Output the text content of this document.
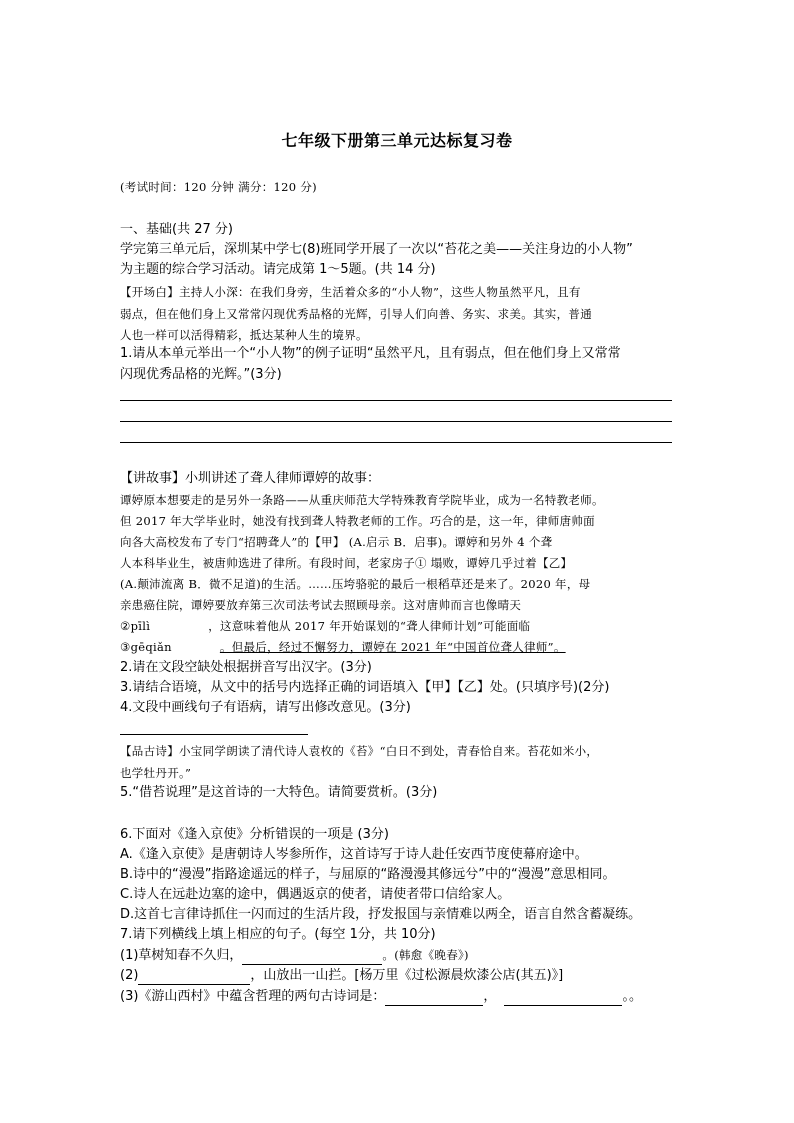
七年级下册第三单元达标复习卷
(考试时间：120 分钟 满分：120 分)
一、基础(共 27 分)
学完第三单元后，深圳某中学七(8)班同学开展了一次以“苔花之美——关注身边的小人物”
为主题的综合学习活动。请完成第 1～5题。(共 14 分)
【开场白】主持人小深：在我们身旁，生活着众多的“小人物”，这些人物虽然平凡，且有
弱点，但在他们身上又常常闪现优秀品格的光辉，引导人们向善、务实、求美。其实，普通
人也一样可以活得精彩，抵达某种人生的境界。
1.请从本单元举出一个“小人物”的例子证明“虽然平凡，且有弱点，但在他们身上又常常
闪现优秀品格的光辉。”(3分)
【讲故事】小圳讲述了聋人律师谭婷的故事：
谭婷原本想要走的是另外一条路——从重庆师范大学特殊教育学院毕业，成为一名特教老师。
但 2017 年大学毕业时，她没有找到聋人特教老师的工作。巧合的是，这一年，律师唐帅面
向各大高校发布了专门“招聘聋人”的【甲】 (A.启示 B．启事)。谭婷和另外 4 个聋
人本科毕业生，被唐帅选进了律所。有段时间，老家房子① 塌败，谭婷几乎过着【乙】
(A.颠沛流离 B．微不足道)的生活。……压垮骆驼的最后一根稻草还是来了。2020 年，母
亲患癌住院，谭婷要放弃第三次司法考试去照顾母亲。这对唐帅而言也像晴天
②pīlì	，这意味着他从 2017 年开始谋划的“聋人律师计划”可能面临
③gēqiǎn	。但最后，经过不懈努力，谭婷在 2021 年“中国首位聋人律师”。
2.请在文段空缺处根据拼音写出汉字。(3分)
3.请结合语境，从文中的括号内选择正确的词语填入【甲】【乙】处。(只填序号)(2分)
4.文段中画线句子有语病，请写出修改意见。(3分)
【品古诗】小宝同学朗读了清代诗人袁枚的《苔》“白日不到处，青春恰自来。苔花如米小，
也学牡丹开。”
5.“借苔说理”是这首诗的一大特色。请简要赏析。(3分)
6.下面对《逢入京使》分析错误的一项是 (3分)
A.《逢入京使》是唐朝诗人岑参所作，这首诗写于诗人赴任安西节度使幕府途中。
B.诗中的“漫漫”指路途遥远的样子，与屈原的“路漫漫其修远兮”中的“漫漫”意思相同。
C.诗人在远赴边塞的途中，偶遇返京的使者，请使者带口信给家人。
D.这首七言律诗抓住一闪而过的生活片段，抒发报国与亲情难以两全，语言自然含蓄凝练。
7.请下列横线上填上相应的句子。(每空 1分，共 10分)
(1)草树知春不久归，	。(韩愈《晚春》)
(2)	，山放出一山拦。[杨万里《过松源晨炊漆公店(其五)》]
(3)《游山西村》中蕴含哲理的两句古诗词是：	，	。。
